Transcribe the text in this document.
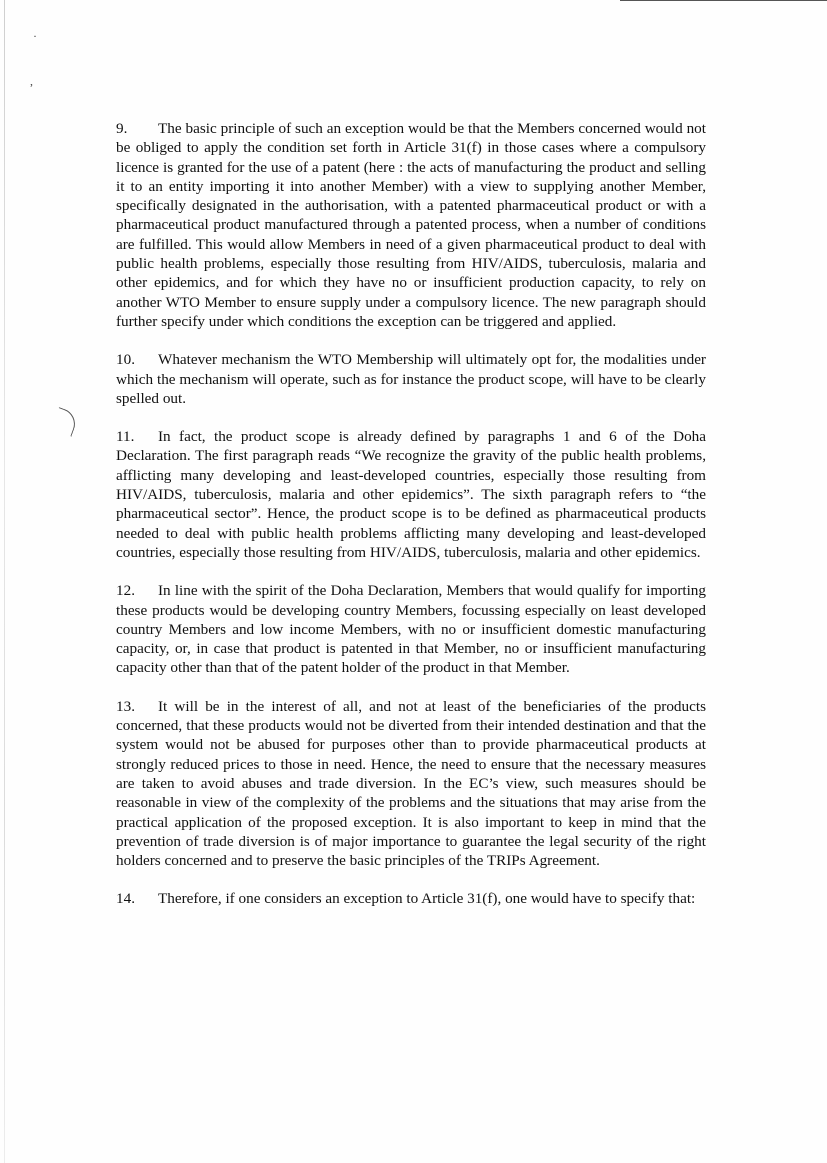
·
,

9. The basic principle of such an exception would be that the Members concerned would not be obliged to apply the condition set forth in Article 31(f) in those cases where a compulsory licence is granted for the use of a patent (here : the acts of manufacturing the product and selling it to an entity importing it into another Member) with a view to supplying another Member, specifically designated in the authorisation, with a patented pharmaceutical product or with a pharmaceutical product manufactured through a patented process, when a number of conditions are fulfilled. This would allow Members in need of a given pharmaceutical product to deal with public health problems, especially those resulting from HIV/AIDS, tuberculosis, malaria and other epidemics, and for which they have no or insufficient production capacity, to rely on another WTO Member to ensure supply under a compulsory licence. The new paragraph should further specify under which conditions the exception can be triggered and applied.

10. Whatever mechanism the WTO Membership will ultimately opt for, the modalities under which the mechanism will operate, such as for instance the product scope, will have to be clearly spelled out.

11. In fact, the product scope is already defined by paragraphs 1 and 6 of the Doha Declaration. The first paragraph reads “We recognize the gravity of the public health problems, afflicting many developing and least-developed countries, especially those resulting from HIV/AIDS, tuberculosis, malaria and other epidemics”. The sixth paragraph refers to “the pharmaceutical sector”. Hence, the product scope is to be defined as pharmaceutical products needed to deal with public health problems afflicting many developing and least-developed countries, especially those resulting from HIV/AIDS, tuberculosis, malaria and other epidemics.

12. In line with the spirit of the Doha Declaration, Members that would qualify for importing these products would be developing country Members, focussing especially on least developed country Members and low income Members, with no or insufficient domestic manufacturing capacity, or, in case that product is patented in that Member, no or insufficient manufacturing capacity other than that of the patent holder of the product in that Member.

13. It will be in the interest of all, and not at least of the beneficiaries of the products concerned, that these products would not be diverted from their intended destination and that the system would not be abused for purposes other than to provide pharmaceutical products at strongly reduced prices to those in need. Hence, the need to ensure that the necessary measures are taken to avoid abuses and trade diversion. In the EC’s view, such measures should be reasonable in view of the complexity of the problems and the situations that may arise from the practical application of the proposed exception. It is also important to keep in mind that the prevention of trade diversion is of major importance to guarantee the legal security of the right holders concerned and to preserve the basic principles of the TRIPs Agreement.

14. Therefore, if one considers an exception to Article 31(f), one would have to specify that:
